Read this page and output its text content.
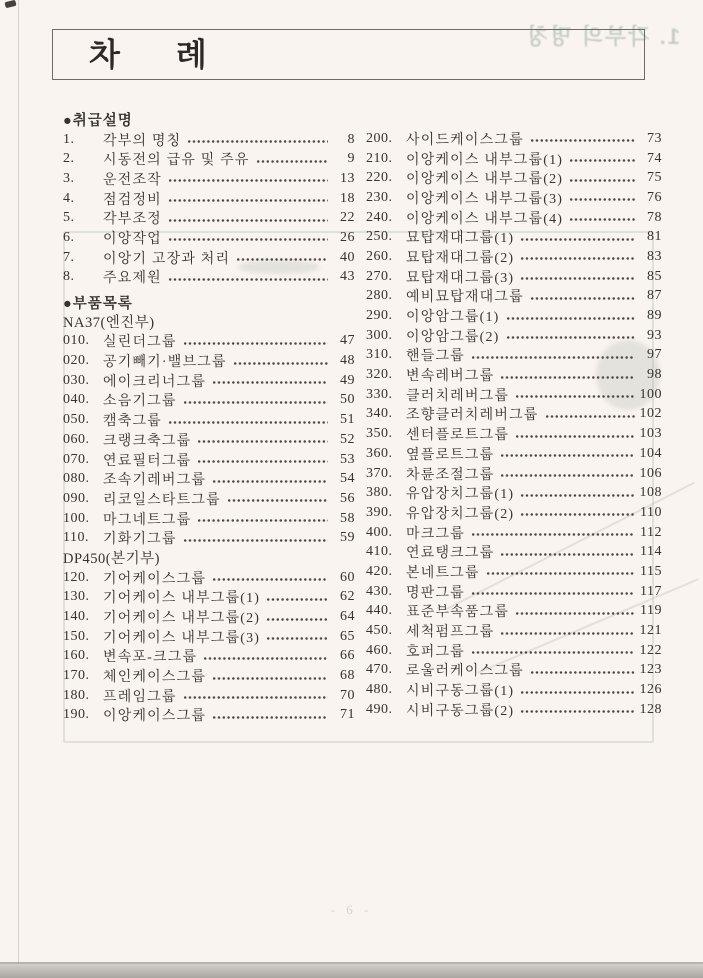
1. 각부의 명칭
차 례
●취급설명
1.	각부의 명칭	8
2.	시동전의 급유 및 주유	9
3.	운전조작	13
4.	점검정비	18
5.	각부조정	22
6.	이앙작업	26
7.	이앙기 고장과 처리	40
8.	주요제원	43
●부품목록
NA37(엔진부)
010. 실린더그룹	47
020. 공기빼기·밸브그룹	48
030. 에이크리너그룹	49
040. 소음기그룹	50
050. 캠축그룹	51
060. 크랭크축그룹	52
070. 연료필터그룹	53
080. 조속기레버그룹	54
090. 리코일스타트그룹	56
100. 마그네트그룹	58
110.	기화기그룹	59
DP450(본기부)
120. 기어케이스그룹	60
130. 기어케이스 내부그룹(1)	62
140. 기어케이스 내부그룹(2)	64
150. 기어케이스 내부그룹(3)	65
160. 변속포-크그룹	66
170. 체인케이스그룹	68
180. 프레임그룹	70
190. 이앙케이스그룹	71
200. 사이드케이스그룹	73
210. 이앙케이스 내부그룹(1)	74
220. 이앙케이스 내부그룹(2)	75
230. 이앙케이스 내부그룹(3)	76
240. 이앙케이스 내부그룹(4)	78
250. 묘탑재대그룹(1)	81
260. 묘탑재대그룹(2)	83
270. 묘탑재대그룹(3)	85
280. 예비묘탑재대그룹	87
290. 이앙암그룹(1)	89
300. 이앙암그룹(2)	93
310. 핸들그룹	97
320. 변속레버그룹	98
330. 클러치레버그룹	100
340. 조향클러치레버그룹	102
350. 센터플로트그룹	103
360. 옆플로트그룹	104
370. 차륜조절그룹	106
380. 유압장치그룹(1)	108
390. 유압장치그룹(2)	110
400. 마크그룹	112
410. 연료탱크그룹	114
420. 본네트그룹	115
430. 명판그룹	117
440. 표준부속품그룹	119
450. 세척펌프그룹	121
460. 호퍼그룹	122
470. 로울러케이스그룹	123
480. 시비구동그룹(1)	126
490. 시비구동그룹(2)	128
- 6 -
